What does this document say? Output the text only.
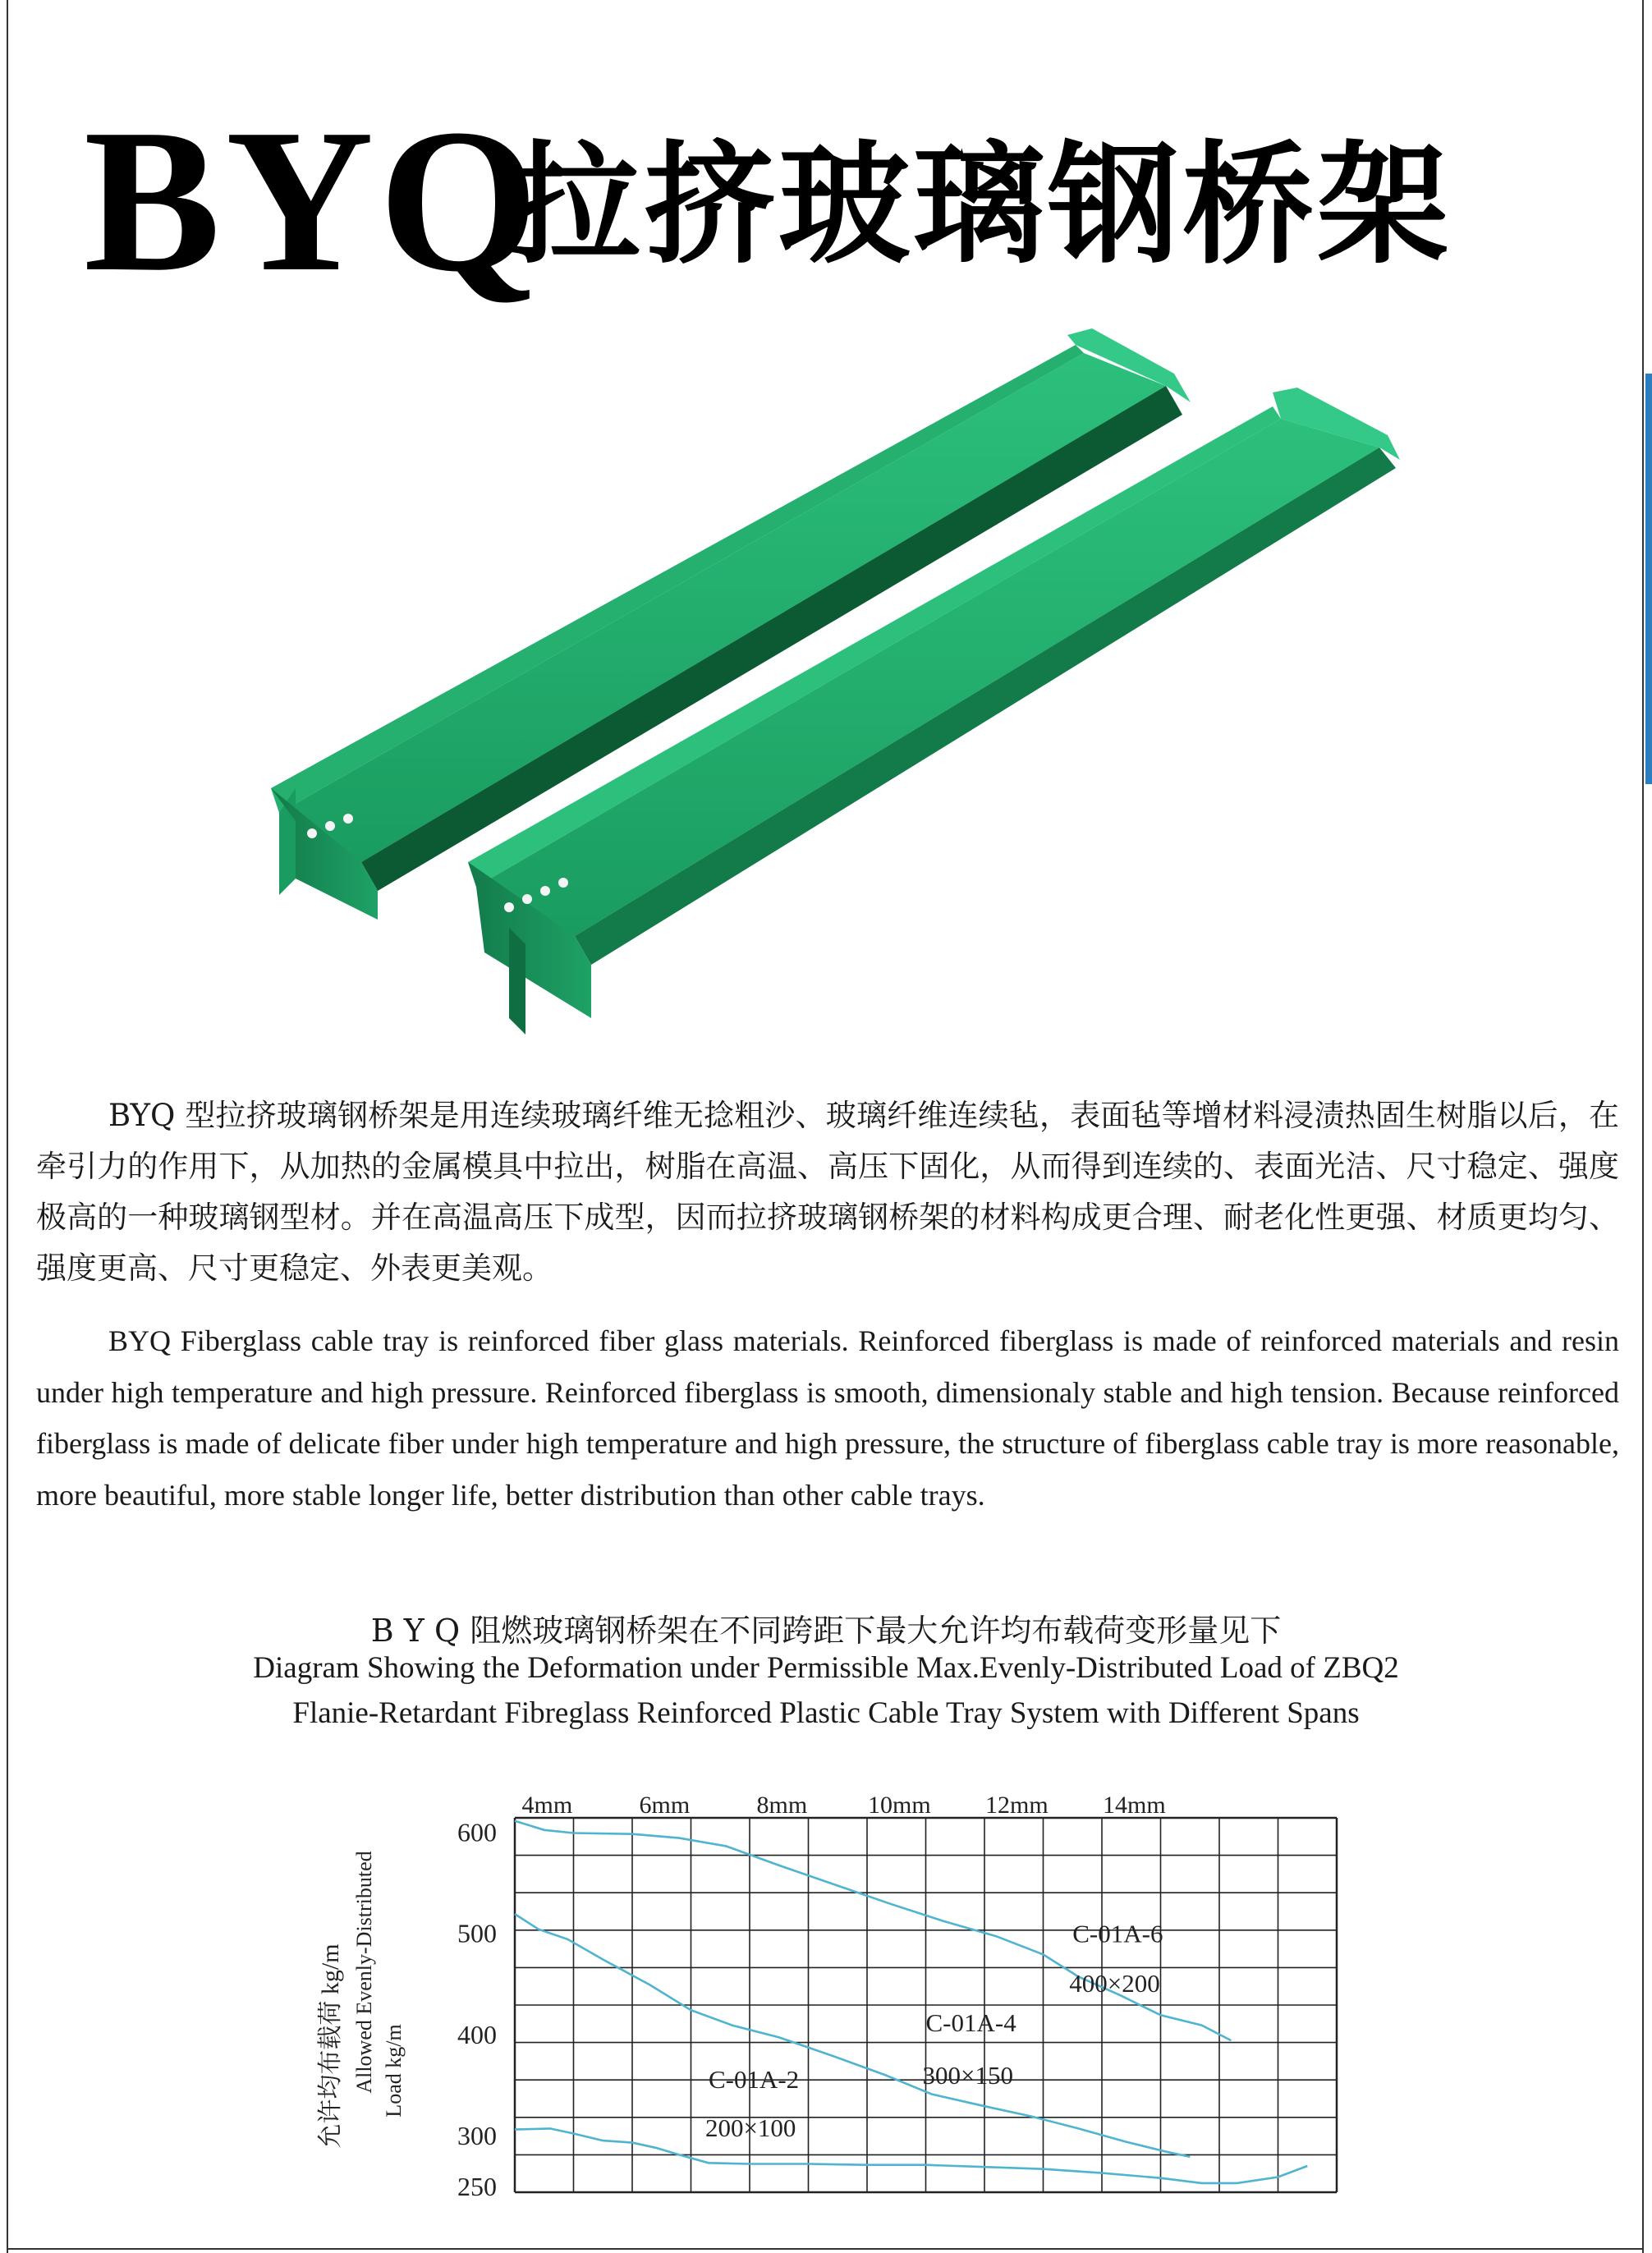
BYQ
拉挤玻璃钢桥架
BYQ 型拉挤玻璃钢桥架是用连续玻璃纤维无捻粗沙、玻璃纤维连续毡，表面毡等增材料浸渍热固生树脂以后，在牵引力的作用下，从加热的金属模具中拉出，树脂在高温、高压下固化，从而得到连续的、表面光洁、尺寸稳定、强度极高的一种玻璃钢型材。并在高温高压下成型，因而拉挤玻璃钢桥架的材料构成更合理、耐老化性更强、材质更均匀、强度更高、尺寸更稳定、外表更美观。
BYQ Fiberglass cable tray is reinforced fiber glass materials. Reinforced fiberglass is made of reinforced materials and resin under high temperature and high pressure. Reinforced fiberglass is smooth, dimensionaly stable and high tension. Because reinforced fiberglass is made of delicate fiber under high temperature and high pressure, the structure of fiberglass cable tray is more reasonable, more beautiful, more stable longer life, better distribution than other cable trays.
B Y Q 阻燃玻璃钢桥架在不同跨距下最大允许均布载荷变形量见下
Diagram Showing the Deformation under Permissible Max.Evenly-Distributed Load of ZBQ2
Flanie-Retardant Fibreglass Reinforced Plastic Cable Tray System with Different Spans
4mm	6mm	8mm 10mm 12mm 14mm
600
500
400
300
250
允许均布载荷 kg/m Allowed Evenly-Distributed Load kg/m
C-01A-6
400×200
C-01A-4
300×150
C-01A-2
200×100
